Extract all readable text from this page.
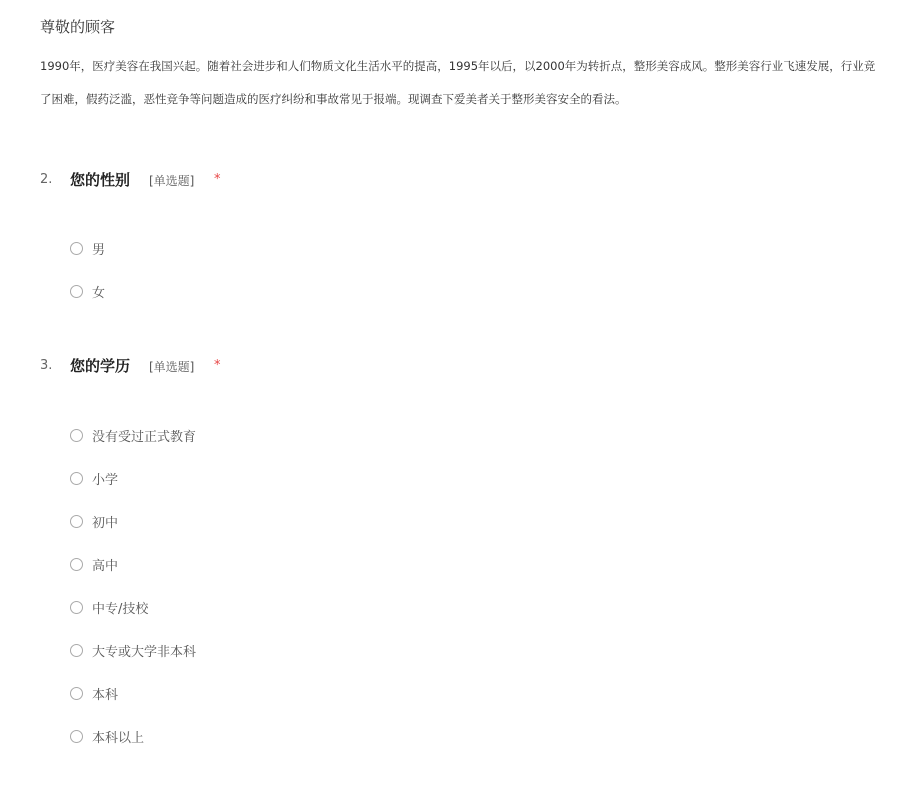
尊敬的顾客
1990年，医疗美容在我国兴起。随着社会进步和人们物质文化生活水平的提高，1995年以后，以2000年为转折点，整形美容成风。整形美容行业飞速发展，行业竞
了困难，假药泛滥，恶性竞争等问题造成的医疗纠纷和事故常见于报端。现调查下爱美者关于整形美容安全的看法。
2. 您的性别 [单选题] *
男
女
3. 您的学历 [单选题] *
没有受过正式教育
小学
初中
高中
中专/技校
大专或大学非本科
本科
本科以上
